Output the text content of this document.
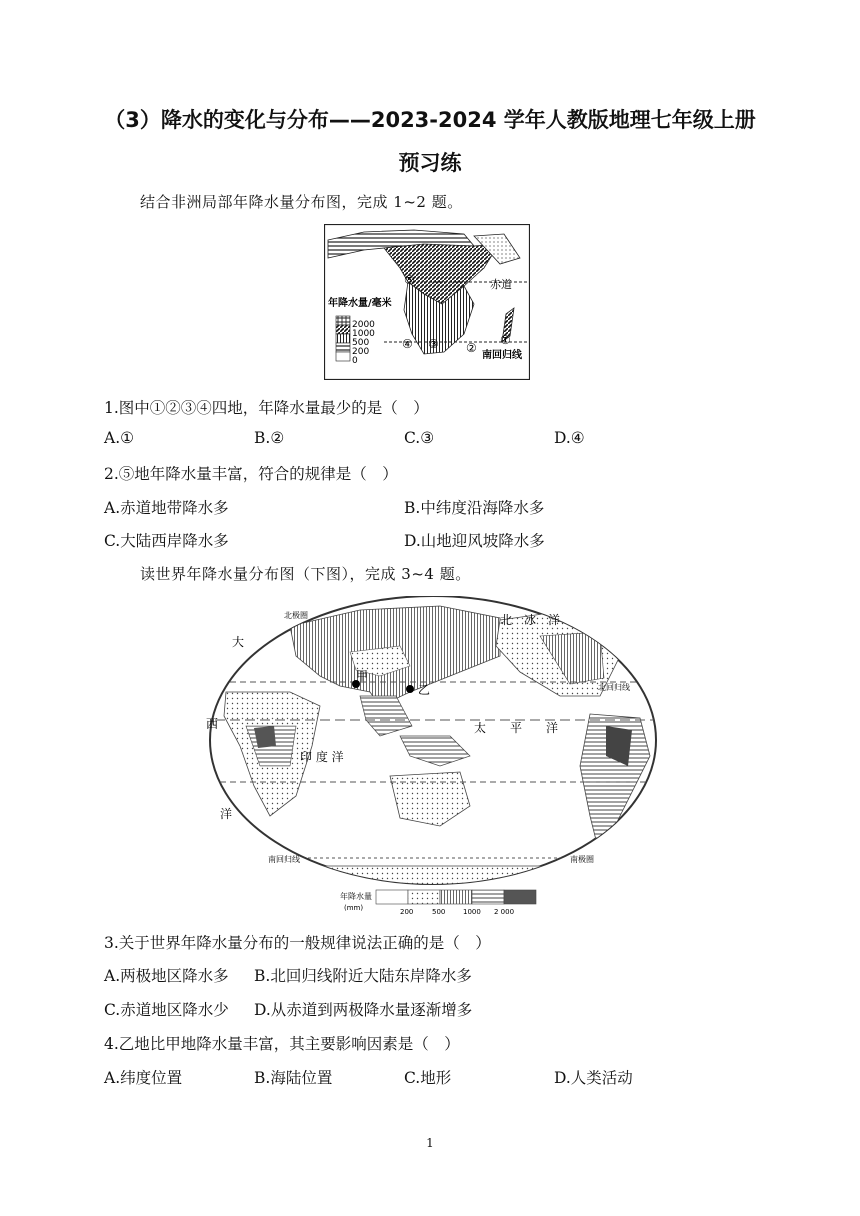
（3）降水的变化与分布——2023-2024 学年人教版地理七年级上册
预习练
结合非洲局部年降水量分布图，完成 1~2 题。
赤道
南回归线
⑤
①
②
③
④
年降水量/毫米
2000
1000
500
200
0
1.图中①②③④四地，年降水量最少的是（　）
A.①	B.②	C.③	D.④
2.⑤地年降水量丰富，符合的规律是（　）
A.赤道地带降水多	B.中纬度沿海降水多
C.大陆西岸降水多	D.山地迎风坡降水多
读世界年降水量分布图（下图），完成 3~4 题。
甲
乙
北　冰　洋
太　　平　　洋
印 度 洋
大
西
洋
北回归线
南回归线	南极圈
北极圈
年降水量
(mm)	200	500	1000 2 000
3.关于世界年降水量分布的一般规律说法正确的是（　）
A.两极地区降水多 B.北回归线附近大陆东岸降水多
C.赤道地区降水少 D.从赤道到两极降水量逐渐增多
4.乙地比甲地降水量丰富，其主要影响因素是（　）
A.纬度位置	B.海陆位置	C.地形	D.人类活动
1
